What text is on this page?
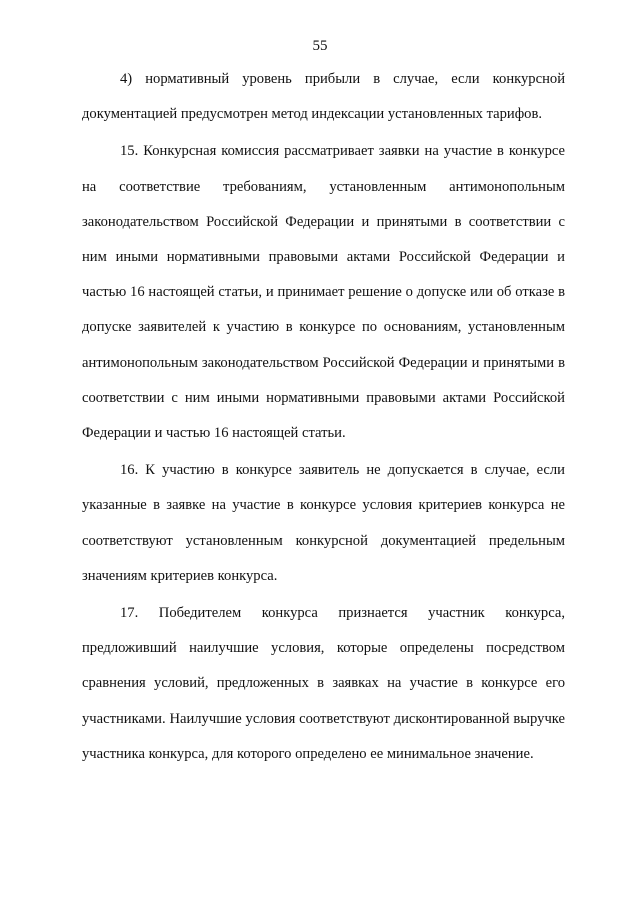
55

4) нормативный уровень прибыли в случае, если конкурсной документацией предусмотрен метод индексации установленных тарифов.

15. Конкурсная комиссия рассматривает заявки на участие в конкурсе на соответствие требованиям, установленным антимонопольным законодательством Российской Федерации и принятыми в соответствии с ним иными нормативными правовыми актами Российской Федерации и частью 16 настоящей статьи, и принимает решение о допуске или об отказе в допуске заявителей к участию в конкурсе по основаниям, установленным антимонопольным законодательством Российской Федерации и принятыми в соответствии с ним иными нормативными правовыми актами Российской Федерации и частью 16 настоящей статьи.

16. К участию в конкурсе заявитель не допускается в случае, если указанные в заявке на участие в конкурсе условия критериев конкурса не соответствуют установленным конкурсной документацией предельным значениям критериев конкурса.

17. Победителем конкурса признается участник конкурса, предложивший наилучшие условия, которые определены посредством сравнения условий, предложенных в заявках на участие в конкурсе его участниками. Наилучшие условия соответствуют дисконтированной выручке участника конкурса, для которого определено ее минимальное значение.
